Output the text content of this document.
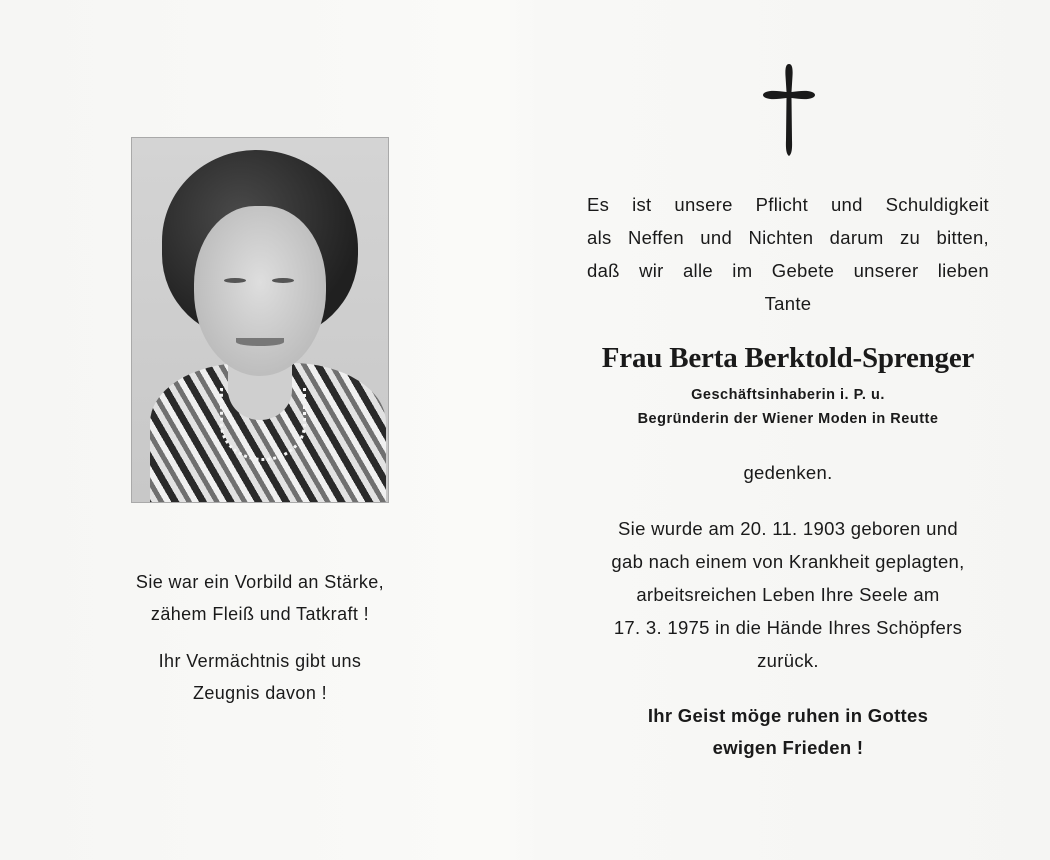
Sie war ein Vorbild an Stärke,

zähem Fleiß und Tatkraft !

Ihr Vermächtnis gibt uns

Zeugnis davon !

Es ist unsere Pflicht und Schuldigkeit
als Neffen und Nichten darum zu bitten,
daß wir alle im Gebete unserer lieben
Tante
Frau Berta Berktold-Sprenger
Geschäftsinhaberin i. P. u.
Begründerin der Wiener Moden in Reutte
gedenken.

Sie wurde am 20. 11. 1903 geboren und

gab nach einem von Krankheit geplagten,

arbeitsreichen Leben Ihre Seele am

17. 3. 1975 in die Hände Ihres Schöpfers

zurück.

Ihr Geist möge ruhen in Gottes

ewigen Frieden !
